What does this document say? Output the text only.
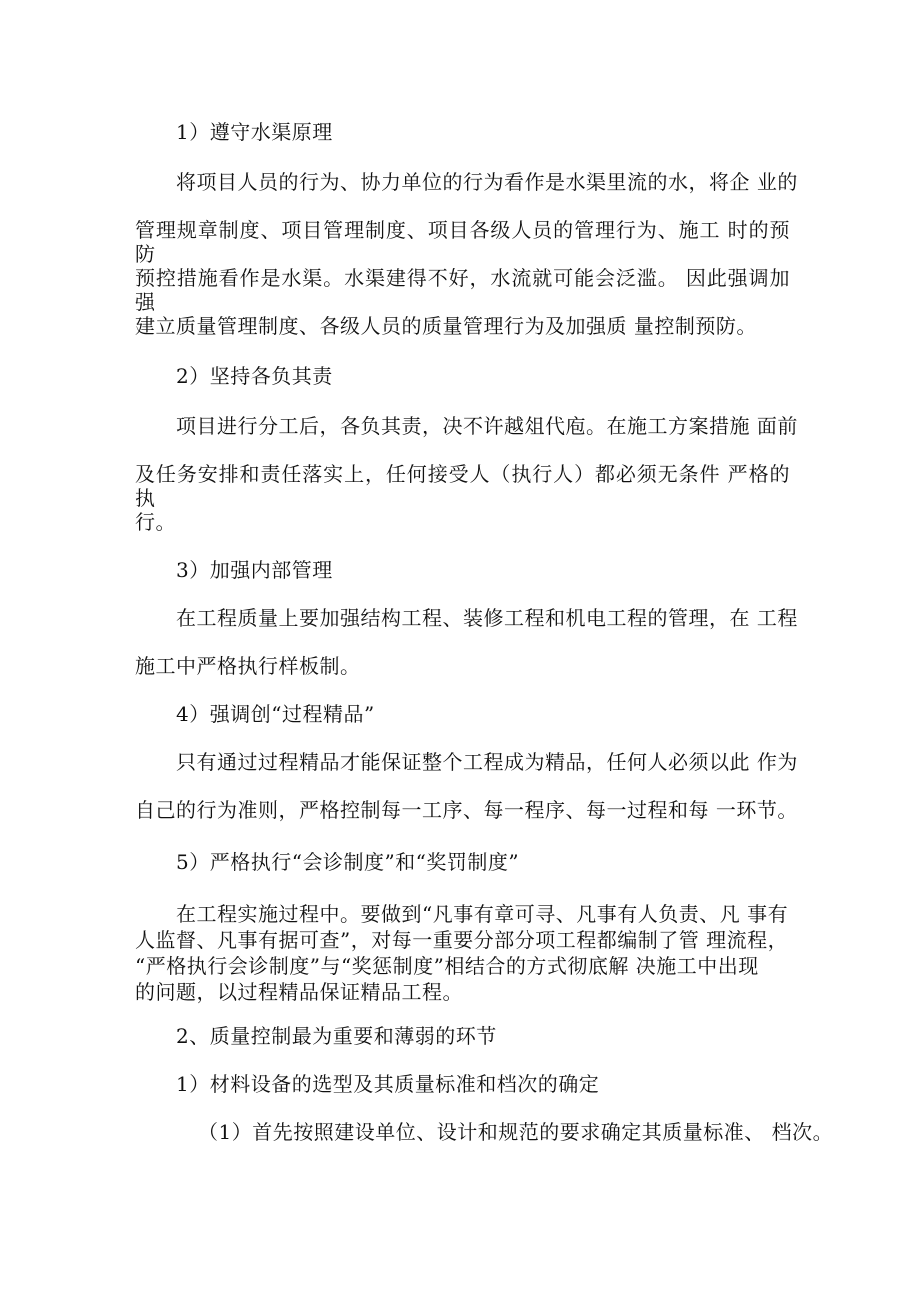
1）遵守水渠原理
将项目人员的行为、协力单位的行为看作是水渠里流的水，将企 业的
管理规章制度、项目管理制度、项目各级人员的管理行为、施工 时的预防
预控措施看作是水渠。水渠建得不好，水流就可能会泛滥。 因此强调加强
建立质量管理制度、各级人员的质量管理行为及加强质 量控制预防。
2）坚持各负其责
项目进行分工后，各负其责，决不许越俎代庖。在施工方案措施 面前
及任务安排和责任落实上，任何接受人（执行人）都必须无条件 严格的执
行。
3）加强内部管理
在工程质量上要加强结构工程、装修工程和机电工程的管理，在 工程
施工中严格执行样板制。
4）强调创“过程精品”
只有通过过程精品才能保证整个工程成为精品，任何人必须以此 作为
自己的行为准则，严格控制每一工序、每一程序、每一过程和每 一环节。
5）严格执行“会诊制度”和“奖罚制度”
在工程实施过程中。要做到“凡事有章可寻、凡事有人负责、凡 事有
人监督、凡事有据可查”，对每一重要分部分项工程都编制了管 理流程，
“严格执行会诊制度”与“奖惩制度”相结合的方式彻底解 决施工中出现
的问题，以过程精品保证精品工程。
2、质量控制最为重要和薄弱的环节
1）材料设备的选型及其质量标准和档次的确定
（1）首先按照建设单位、设计和规范的要求确定其质量标准、 档次。
